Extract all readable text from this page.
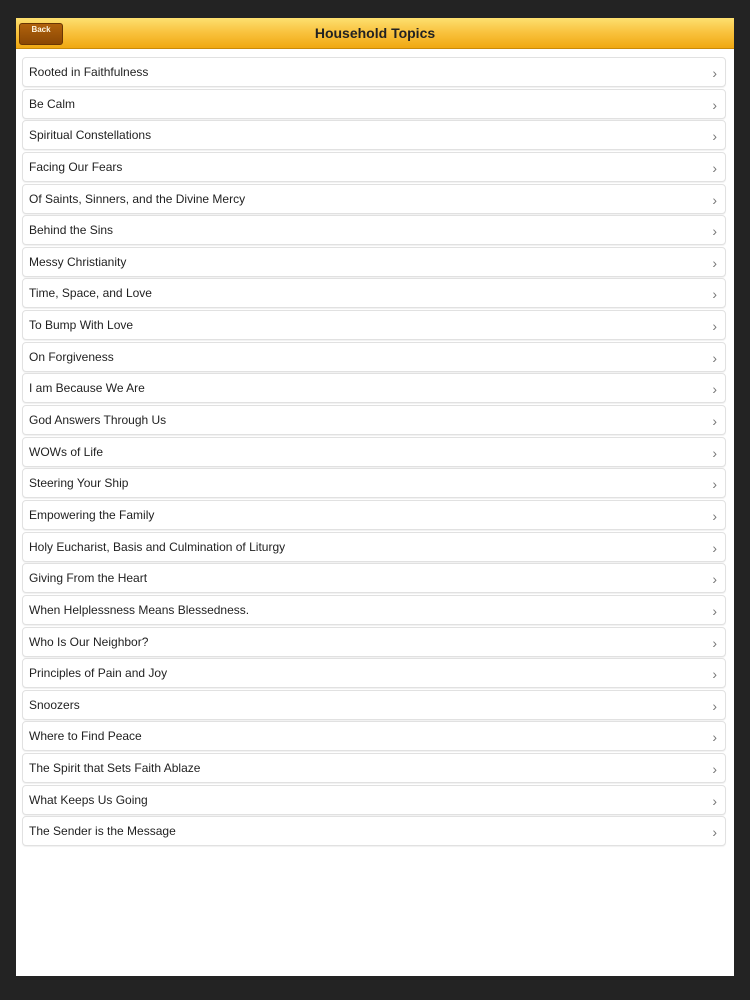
Household Topics
Back
Rooted in Faithfulness	›
Be Calm	›
Spiritual Constellations	›
Facing Our Fears	›
Of Saints, Sinners, and the Divine Mercy	›
Behind the Sins	›
Messy Christianity	›
Time, Space, and Love	›
To Bump With Love	›
On Forgiveness	›
I am Because We Are	›
God Answers Through Us	›
WOWs of Life	›
Steering Your Ship	›
Empowering the Family	›
Holy Eucharist, Basis and Culmination of Liturgy	›
Giving From the Heart	›
When Helplessness Means Blessedness.	›
Who Is Our Neighbor?	›
Principles of Pain and Joy	›
Snoozers	›
Where to Find Peace	›
The Spirit that Sets Faith Ablaze	›
What Keeps Us Going	›
The Sender is the Message	›
